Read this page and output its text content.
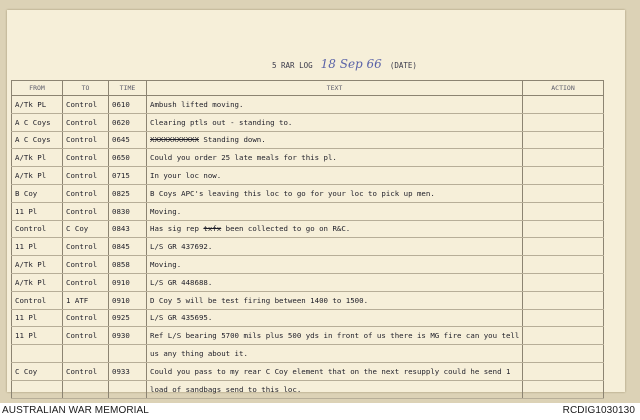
5 RAR LOG 18 Sep 66 (DATE)
FROM	TO	TIME	TEXT	ACTION
A/Tk PL	Control	0610	Ambush lifted moving.	
A C Coys	Control	0620	Clearing ptls out - standing to.	
A C Coys	Control	0645	XXXXXXXXXXX Standing down.	
A/Tk Pl	Control	0650	Could you order 25 late meals for this pl.	
A/Tk Pl	Control	0715	In your loc now.	
B Coy	Control	0825	B Coys APC's leaving this loc to go for your loc to pick up men.	
11 Pl	Control	0830	Moving.	
Control	C Coy	0843	Has sig rep txfx been collected to go on R&C.	
11 Pl	Control	0845	L/S GR 437692.	
A/Tk Pl	Control	0858	Moving.	
A/Tk Pl	Control	0910	L/S GR 448688.	
Control	1 ATF	0910	D Coy 5 will be test firing between 1400 to 1500.	
11 Pl	Control	0925	L/S GR 435695.	
11 Pl	Control	0930	Ref L/S bearing 5700 mils plus 500 yds in front of us there is MG fire can you tell	
			us any thing about it.	
C Coy	Control	0933	Could you pass to my rear C Coy element that on the next resupply could he send 1	
			load of sandbags send to this loc.	
AUSTRALIAN WAR MEMORIAL	RCDIG1030130
